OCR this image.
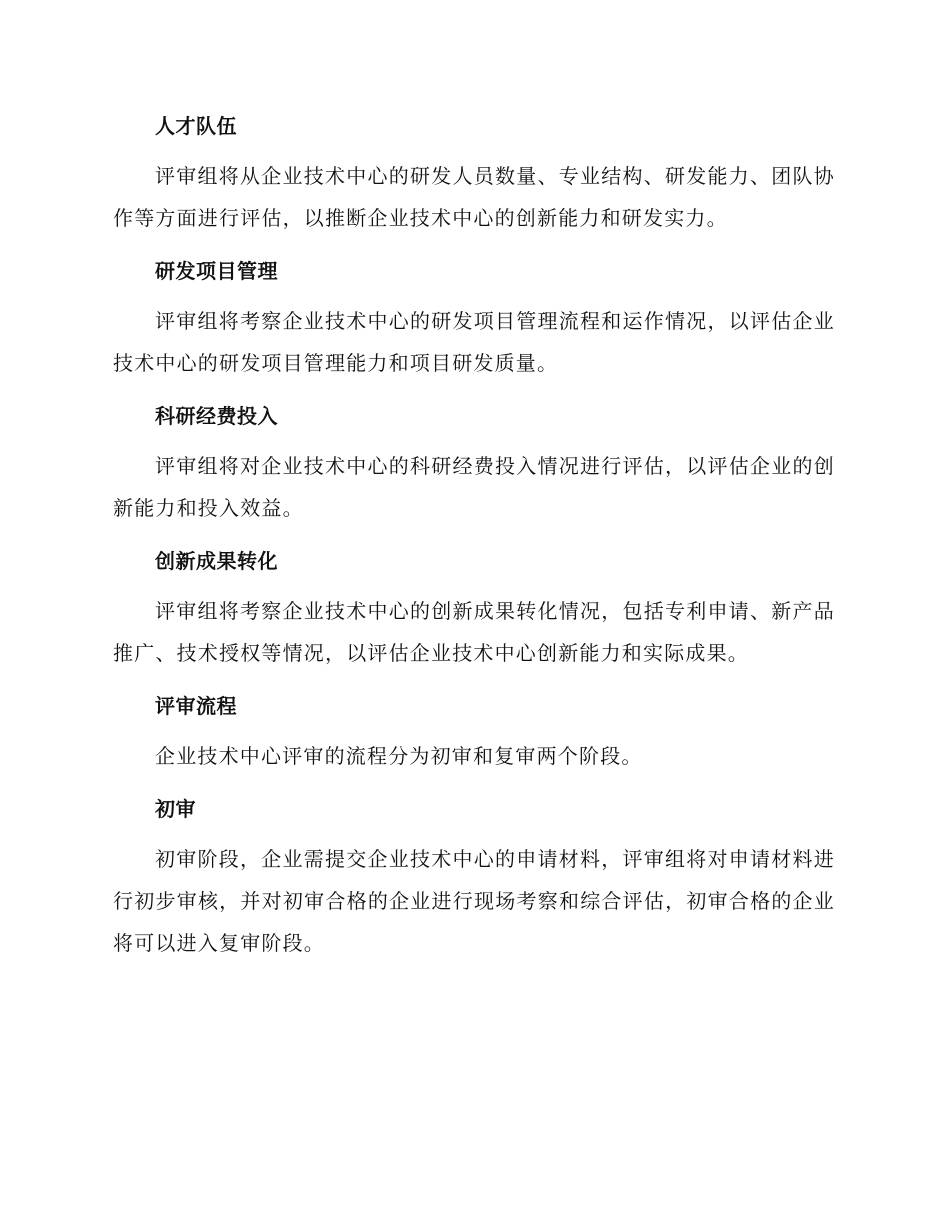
人才队伍

评审组将从企业技术中心的研发人员数量、专业结构、研发能力、团队协作等方面进行评估，以推断企业技术中心的创新能力和研发实力。

研发项目管理

评审组将考察企业技术中心的研发项目管理流程和运作情况，以评估企业技术中心的研发项目管理能力和项目研发质量。

科研经费投入

评审组将对企业技术中心的科研经费投入情况进行评估，以评估企业的创新能力和投入效益。

创新成果转化

评审组将考察企业技术中心的创新成果转化情况，包括专利申请、新产品推广、技术授权等情况，以评估企业技术中心创新能力和实际成果。

评审流程

企业技术中心评审的流程分为初审和复审两个阶段。

初审

初审阶段，企业需提交企业技术中心的申请材料，评审组将对申请材料进行初步审核，并对初审合格的企业进行现场考察和综合评估，初审合格的企业将可以进入复审阶段。
